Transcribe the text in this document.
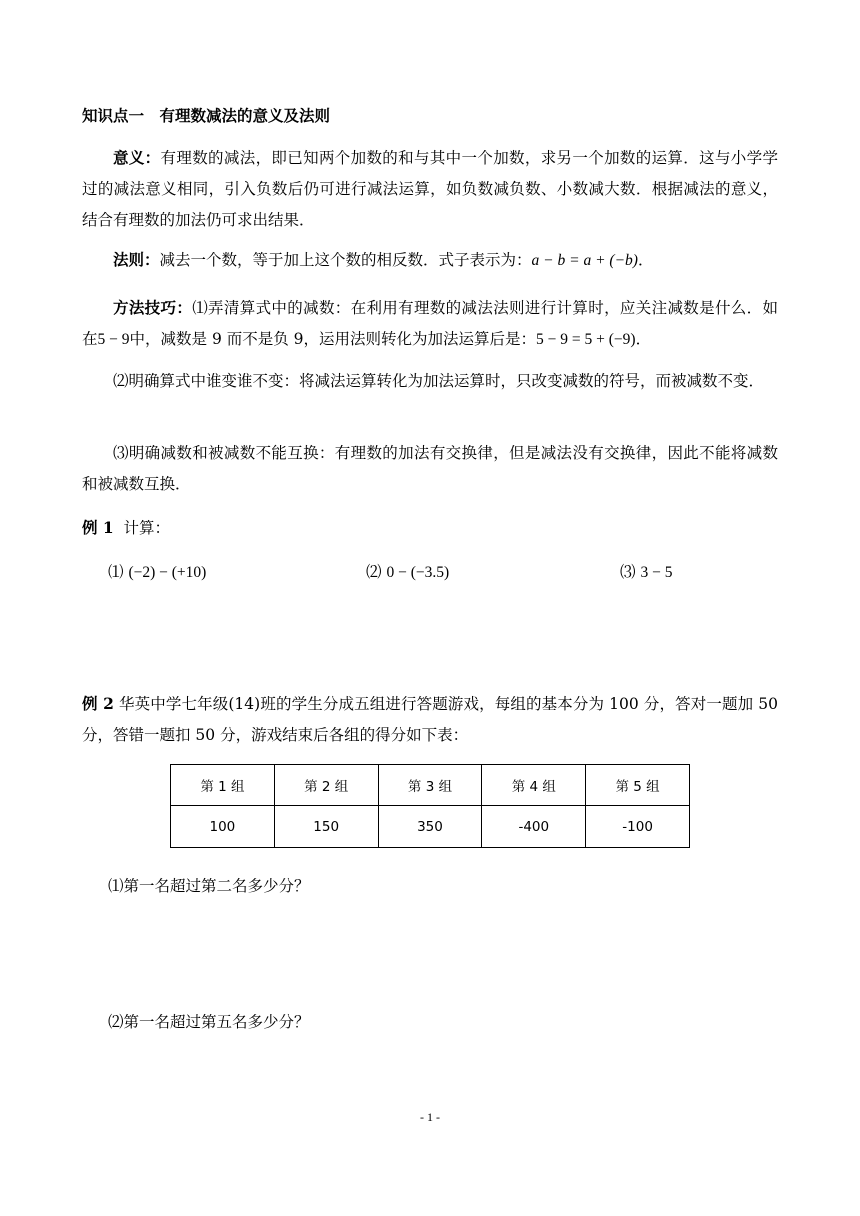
知识点一　有理数减法的意义及法则
意义：有理数的减法，即已知两个加数的和与其中一个加数，求另一个加数的运算．这与小学学过的减法意义相同，引入负数后仍可进行减法运算，如负数减负数、小数减大数．根据减法的意义，结合有理数的加法仍可求出结果．
法则：减去一个数，等于加上这个数的相反数．式子表示为：a − b = a + (−b)．
方法技巧：⑴弄清算式中的减数：在利用有理数的减法法则进行计算时，应关注减数是什么．如在5 − 9中，减数是 9 而不是负 9，运用法则转化为加法运算后是：5 − 9 = 5 + (−9)．
⑵明确算式中谁变谁不变：将减法运算转化为加法运算时，只改变减数的符号，而被减数不变．
⑶明确减数和被减数不能互换：有理数的加法有交换律，但是减法没有交换律，因此不能将减数和被减数互换．
例 1 计算：
⑴ (−2) − (+10)	⑵ 0 − (−3.5)	⑶ 3 − 5
例 2 华英中学七年级(14)班的学生分成五组进行答题游戏，每组的基本分为 100 分，答对一题加 50 分，答错一题扣 50 分，游戏结束后各组的得分如下表：
第 1 组	第 2 组	第 3 组	第 4 组	第 5 组
100	150	350	-400	-100
⑴第一名超过第二名多少分？
⑵第一名超过第五名多少分？
- 1 -
